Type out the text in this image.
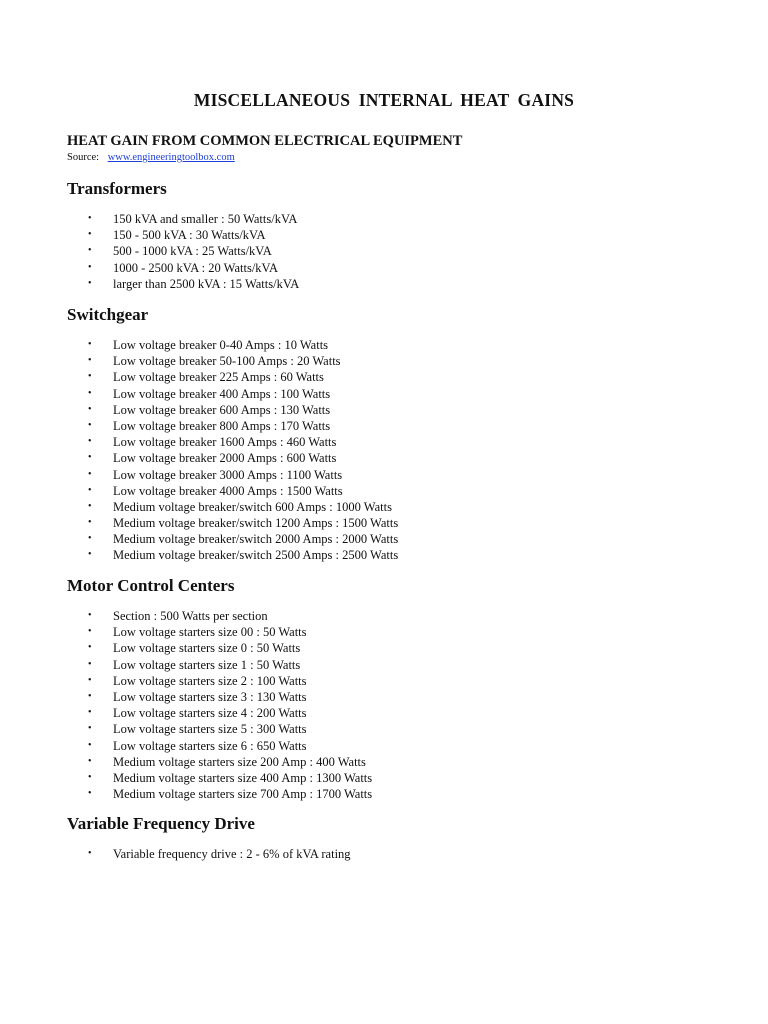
MISCELLANEOUS INTERNAL HEAT GAINS
HEAT GAIN FROM COMMON ELECTRICAL EQUIPMENT

Source: www.engineeringtoolbox.com

Transformers
• 150 kVA and smaller : 50 Watts/kVA
• 150 - 500 kVA : 30 Watts/kVA
• 500 - 1000 kVA : 25 Watts/kVA
• 1000 - 2500 kVA : 20 Watts/kVA
• larger than 2500 kVA : 15 Watts/kVA
Switchgear
• Low voltage breaker 0-40 Amps : 10 Watts
• Low voltage breaker 50-100 Amps : 20 Watts
• Low voltage breaker 225 Amps : 60 Watts
• Low voltage breaker 400 Amps : 100 Watts
• Low voltage breaker 600 Amps : 130 Watts
• Low voltage breaker 800 Amps : 170 Watts
• Low voltage breaker 1600 Amps : 460 Watts
• Low voltage breaker 2000 Amps : 600 Watts
• Low voltage breaker 3000 Amps : 1100 Watts
• Low voltage breaker 4000 Amps : 1500 Watts
• Medium voltage breaker/switch 600 Amps : 1000 Watts
• Medium voltage breaker/switch 1200 Amps : 1500 Watts
• Medium voltage breaker/switch 2000 Amps : 2000 Watts
• Medium voltage breaker/switch 2500 Amps : 2500 Watts
Motor Control Centers
• Section : 500 Watts per section
• Low voltage starters size 00 : 50 Watts
• Low voltage starters size 0 : 50 Watts
• Low voltage starters size 1 : 50 Watts
• Low voltage starters size 2 : 100 Watts
• Low voltage starters size 3 : 130 Watts
• Low voltage starters size 4 : 200 Watts
• Low voltage starters size 5 : 300 Watts
• Low voltage starters size 6 : 650 Watts
• Medium voltage starters size 200 Amp : 400 Watts
• Medium voltage starters size 400 Amp : 1300 Watts
• Medium voltage starters size 700 Amp : 1700 Watts
Variable Frequency Drive
• Variable frequency drive : 2 - 6% of kVA rating
